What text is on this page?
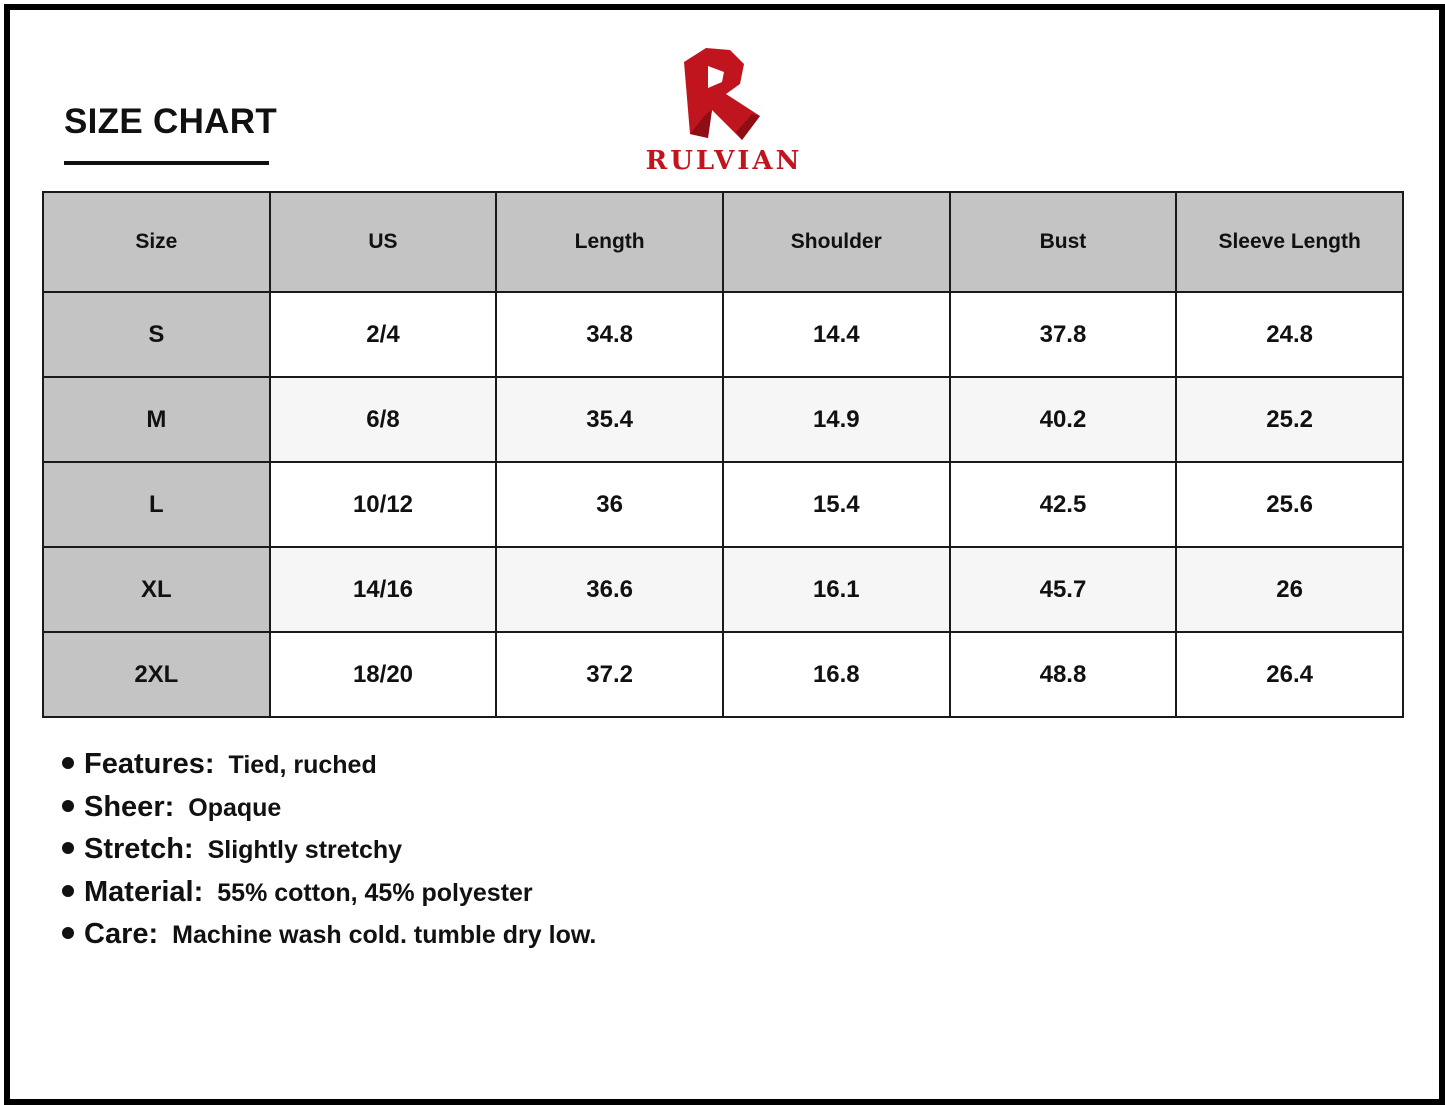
SIZE CHART
RULVIAN
Size	US	Length	Shoulder	Bust	Sleeve Length
S	2/4	34.8	14.4	37.8	24.8
M	6/8	35.4	14.9	40.2	25.2
L	10/12	36	15.4	42.5	25.6
XL	14/16	36.6	16.1	45.7	26
2XL	18/20	37.2	16.8	48.8	26.4
Features: Tied, ruched
Sheer: Opaque
Stretch: Slightly stretchy
Material: 55% cotton, 45% polyester
Care: Machine wash cold. tumble dry low.
